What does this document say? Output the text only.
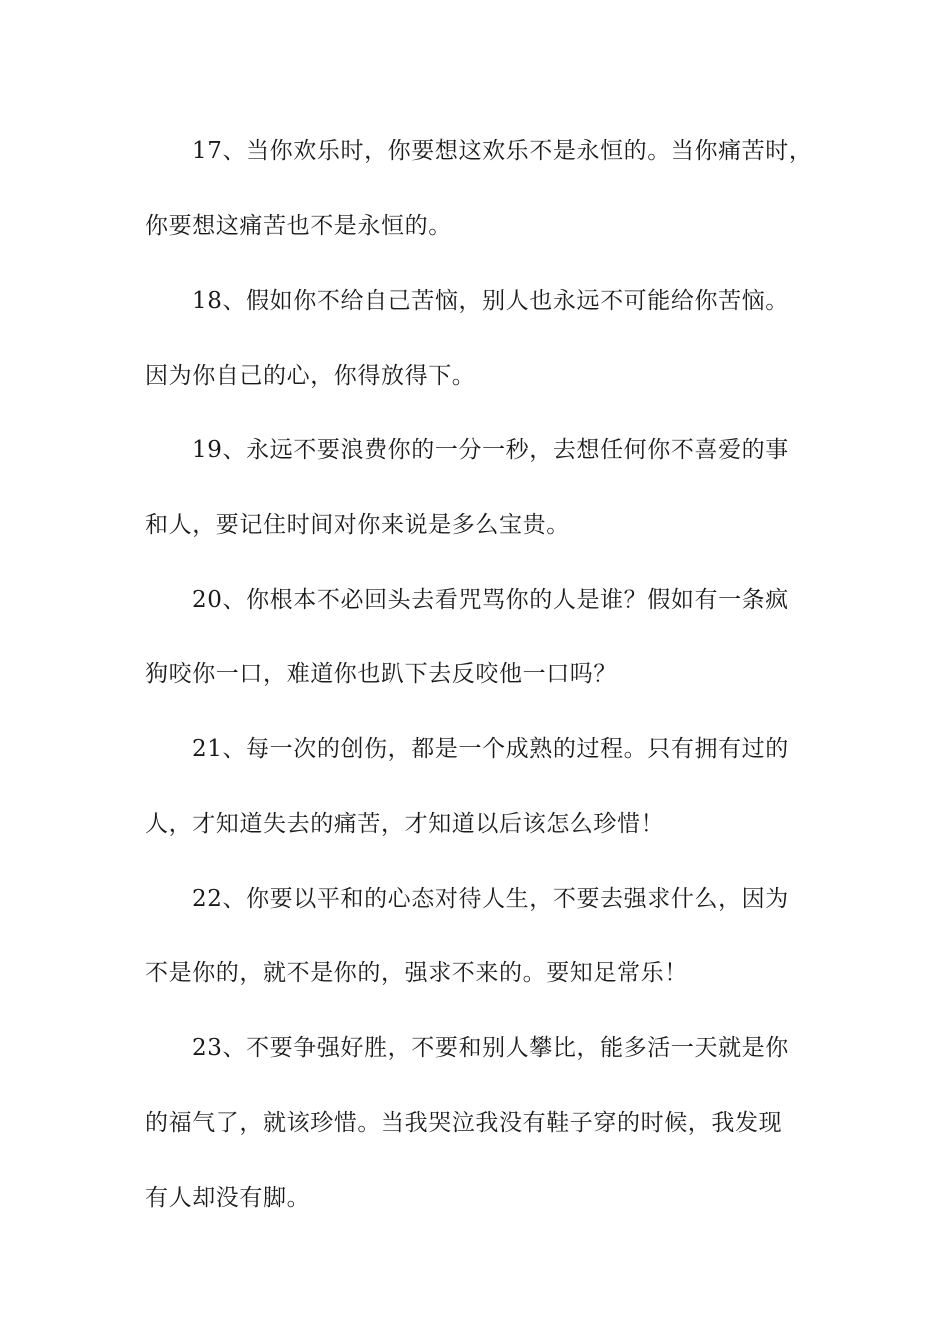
17、当你欢乐时，你要想这欢乐不是永恒的。当你痛苦时，
你要想这痛苦也不是永恒的。
18、假如你不给自己苦恼，别人也永远不可能给你苦恼。
因为你自己的心，你得放得下。
19、永远不要浪费你的一分一秒，去想任何你不喜爱的事
和人，要记住时间对你来说是多么宝贵。
20、你根本不必回头去看咒骂你的人是谁？假如有一条疯
狗咬你一口，难道你也趴下去反咬他一口吗？
21、每一次的创伤，都是一个成熟的过程。只有拥有过的
人，才知道失去的痛苦，才知道以后该怎么珍惜！
22、你要以平和的心态对待人生，不要去强求什么，因为
不是你的，就不是你的，强求不来的。要知足常乐！
23、不要争强好胜，不要和别人攀比，能多活一天就是你
的福气了，就该珍惜。当我哭泣我没有鞋子穿的时候，我发现
有人却没有脚。
